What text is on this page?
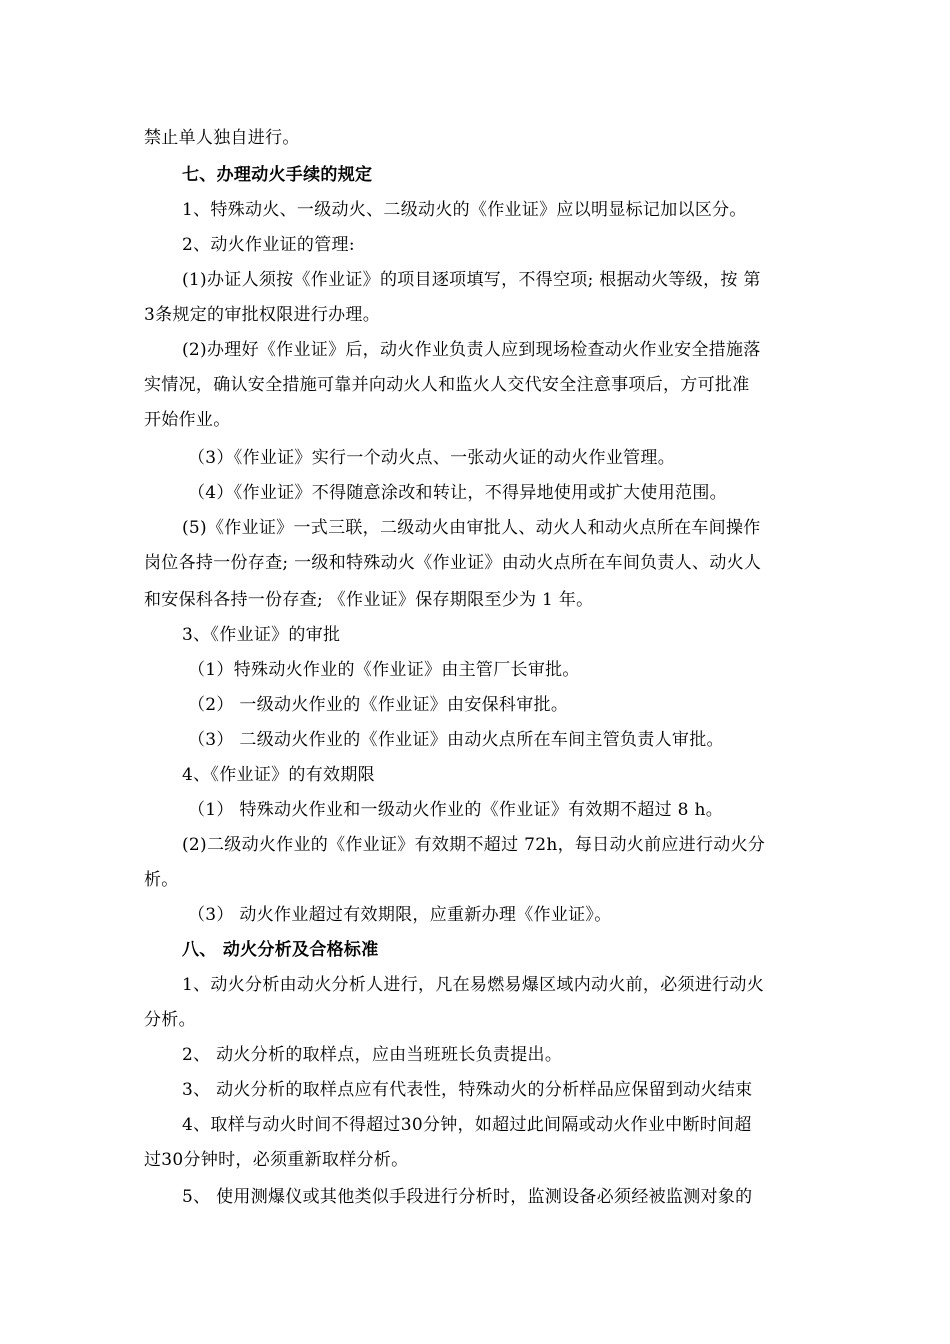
禁止单人独自进行。
七、办理动火手续的规定
1、特殊动火、一级动火、二级动火的《作业证》应以明显标记加以区分。
2、动火作业证的管理:
(1)办证人须按《作业证》的项目逐项填写，不得空项; 根据动火等级，按 第
3条规定的审批权限进行办理。
(2)办理好《作业证》后，动火作业负责人应到现场检查动火作业安全措施落
实情况，确认安全措施可靠并向动火人和监火人交代安全注意事项后，方可批准
开始作业。
（3）《作业证》实行一个动火点、一张动火证的动火作业管理。
（4）《作业证》不得随意涂改和转让，不得异地使用或扩大使用范围。
(5)《作业证》一式三联，二级动火由审批人、动火人和动火点所在车间操作
岗位各持一份存查; 一级和特殊动火《作业证》由动火点所在车间负责人、动火人
和安保科各持一份存查; 《作业证》保存期限至少为 1 年。
3、《作业证》的审批
（1）特殊动火作业的《作业证》由主管厂长审批。
（2） 一级动火作业的《作业证》由安保科审批。
（3） 二级动火作业的《作业证》由动火点所在车间主管负责人审批。
4、《作业证》的有效期限
（1） 特殊动火作业和一级动火作业的《作业证》有效期不超过 8 h。
(2)二级动火作业的《作业证》有效期不超过 72h，每日动火前应进行动火分
析。
（3） 动火作业超过有效期限，应重新办理《作业证》。
八、 动火分析及合格标准
1、动火分析由动火分析人进行，凡在易燃易爆区域内动火前，必须进行动火
分析。
2、 动火分析的取样点，应由当班班长负责提出。
3、 动火分析的取样点应有代表性，特殊动火的分析样品应保留到动火结束
4、取样与动火时间不得超过30分钟，如超过此间隔或动火作业中断时间超
过30分钟时，必须重新取样分析。
5、 使用测爆仪或其他类似手段进行分析时，监测设备必须经被监测对象的
